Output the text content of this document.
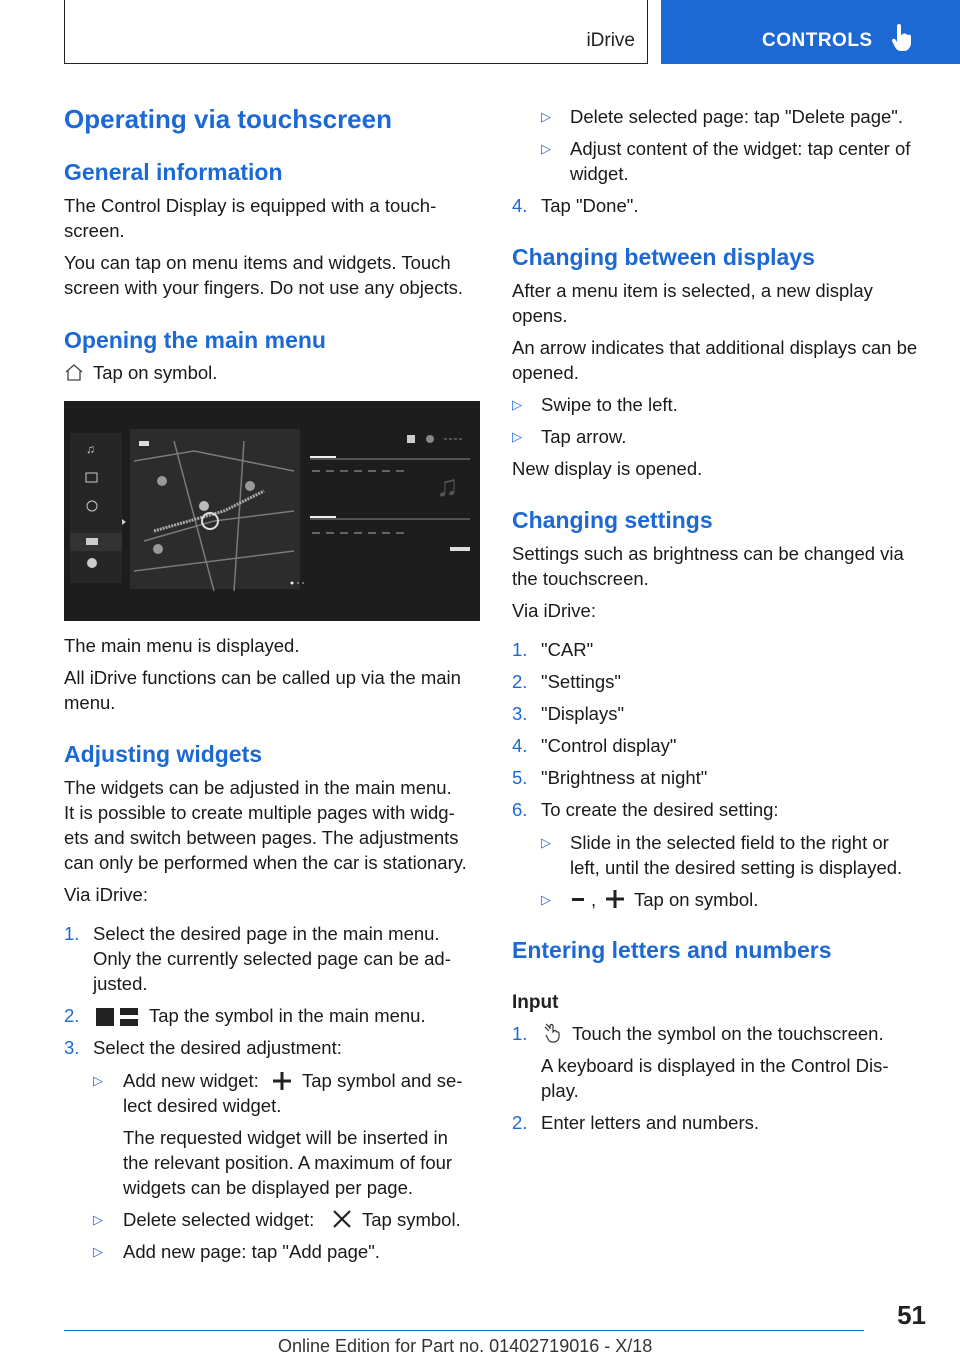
iDrive	CONTROLS
Operating via touchscreen
General information

The Control Display is equipped with a touch‐

screen.

You can tap on menu items and widgets. Touch

screen with your fingers. Do not use any objects.

Opening the main menu

Tap on symbol.

♫
♫

The main menu is displayed.

All iDrive functions can be called up via the main

menu.

Adjusting widgets

The widgets can be adjusted in the main menu.

It is possible to create multiple pages with widg‐

ets and switch between pages. The adjustments

can only be performed when the car is stationary.

Via iDrive:

1. Select the desired page in the main menu.

Only the currently selected page can be ad‐

justed.

2.	Tap the symbol in the main menu.

3. Select the desired adjustment:

▷ Add new widget:	Tap symbol and se‐

lect desired widget.

The requested widget will be inserted in

the relevant position. A maximum of four

widgets can be displayed per page.

▷ Delete selected widget:	Tap symbol.

▷ Add new page: tap "Add page".

▷ Delete selected page: tap "Delete page".

▷ Adjust content of the widget: tap center of

widget.

4. Tap "Done".

Changing between displays

After a menu item is selected, a new display

opens.

An arrow indicates that additional displays can be

opened.

▷ Swipe to the left.

▷ Tap arrow.

New display is opened.

Changing settings

Settings such as brightness can be changed via

the touchscreen.

Via iDrive:

1. "CAR"

2. "Settings"

3. "Displays"

4. "Control display"

5. "Brightness at night"

6. To create the desired setting:

▷ Slide in the selected field to the right or

left, until the desired setting is displayed.

▷ ,	Tap on symbol.

Entering letters and numbers
Input
1. Touch the symbol on the touchscreen.

A keyboard is displayed in the Control Dis‐

play.

2. Enter letters and numbers.

51
Online Edition for Part no. 01402719016 - X/18
